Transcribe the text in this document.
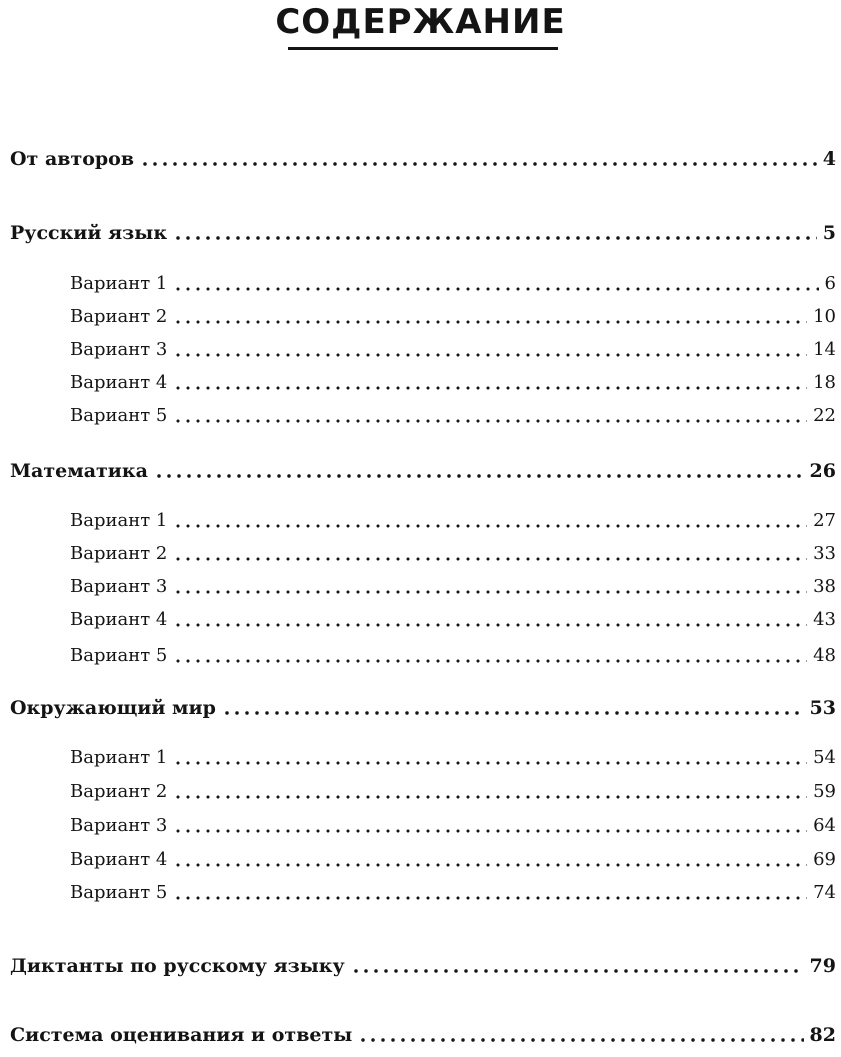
СОДЕРЖАНИЕ
От авторов	4
Русский язык	5
Вариант 1	6
Вариант 2	10
Вариант 3	14
Вариант 4	18
Вариант 5	22
Математика	26
Вариант 1	27
Вариант 2	33
Вариант 3	38
Вариант 4	43
Вариант 5	48
Окружающий мир	53
Вариант 1	54
Вариант 2	59
Вариант 3	64
Вариант 4	69
Вариант 5	74
Диктанты по русскому языку	79
Система оценивания и ответы	82
